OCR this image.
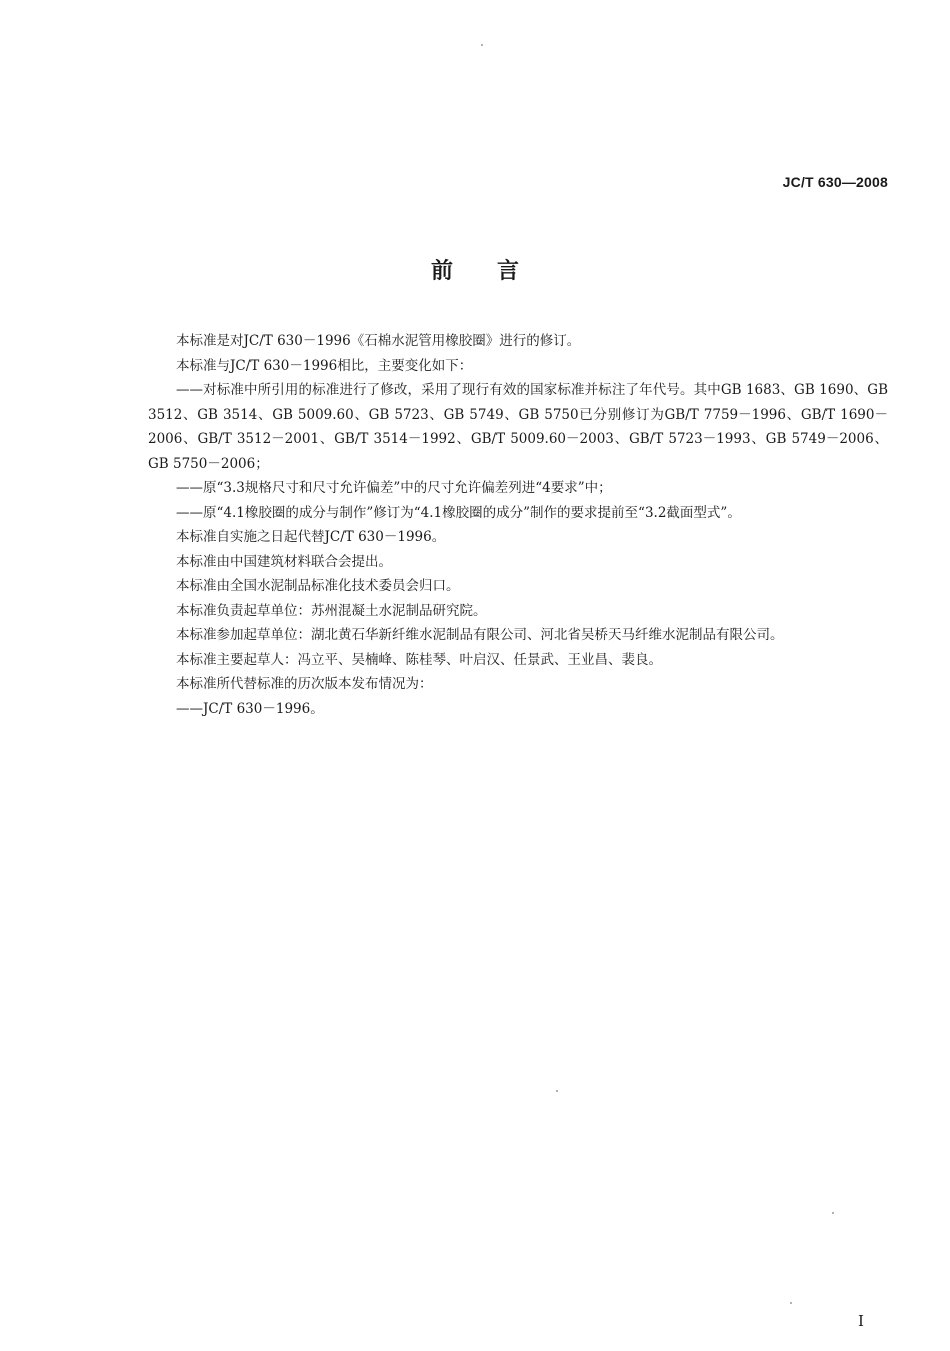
JC/T 630—2008
前言

本标准是对JC/T 630－1996《石棉水泥管用橡胶圈》进行的修订。

本标准与JC/T 630－1996相比，主要变化如下：

——对标准中所引用的标准进行了修改，采用了现行有效的国家标准并标注了年代号。其中GB 1683、GB 1690、GB 3512、GB 3514、GB 5009.60、GB 5723、GB 5749、GB 5750已分别修订为GB/T 7759－1996、GB/T 1690－2006、GB/T 3512－2001、GB/T 3514－1992、GB/T 5009.60－2003、GB/T 5723－1993、GB 5749－2006、GB 5750－2006；

——原“3.3规格尺寸和尺寸允许偏差”中的尺寸允许偏差列进“4要求”中；

——原“4.1橡胶圈的成分与制作”修订为“4.1橡胶圈的成分”制作的要求提前至“3.2截面型式”。

本标准自实施之日起代替JC/T 630－1996。

本标准由中国建筑材料联合会提出。

本标准由全国水泥制品标准化技术委员会归口。

本标准负责起草单位：苏州混凝土水泥制品研究院。

本标准参加起草单位：湖北黄石华新纤维水泥制品有限公司、河北省吴桥天马纤维水泥制品有限公司。

本标准主要起草人：冯立平、吴楠峰、陈桂琴、叶启汉、任景武、王业昌、裴良。

本标准所代替标准的历次版本发布情况为：

——JC/T 630－1996。

I
